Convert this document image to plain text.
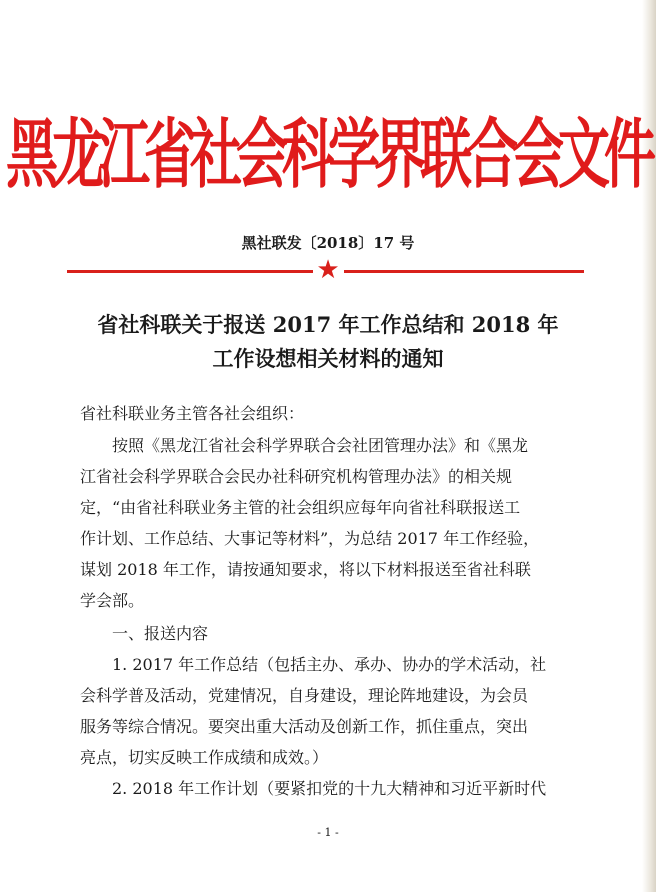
黑龙江省社会科学界联合会文件
黑社联发〔2018〕17 号
★
省社科联关于报送 2017 年工作总结和 2018 年
工作设想相关材料的通知
省社科联业务主管各社会组织：
按照《黑龙江省社会科学界联合会社团管理办法》和《黑龙
江省社会科学界联合会民办社科研究机构管理办法》的相关规
定，“由省社科联业务主管的社会组织应每年向省社科联报送工
作计划、工作总结、大事记等材料”，为总结 2017 年工作经验，
谋划 2018 年工作，请按通知要求，将以下材料报送至省社科联
学会部。
一、报送内容
1. 2017 年工作总结（包括主办、承办、协办的学术活动，社
会科学普及活动，党建情况，自身建设，理论阵地建设，为会员
服务等综合情况。要突出重大活动及创新工作，抓住重点，突出
亮点，切实反映工作成绩和成效。）
2. 2018 年工作计划（要紧扣党的十九大精神和习近平新时代
- 1 -
